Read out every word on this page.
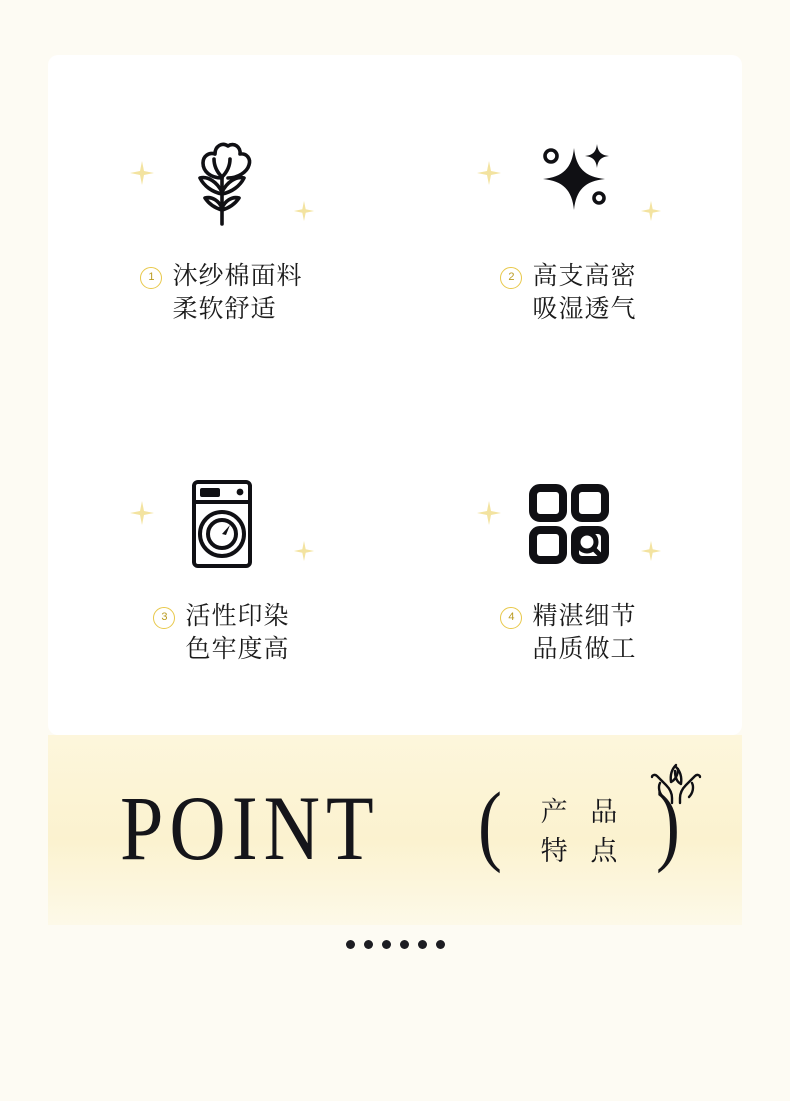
1 沐纱棉面料
柔软舒适
2 高支高密
吸湿透气
3 活性印染
色牢度高
4 精湛细节
品质做工
POINT (	产 品
特 点 )
